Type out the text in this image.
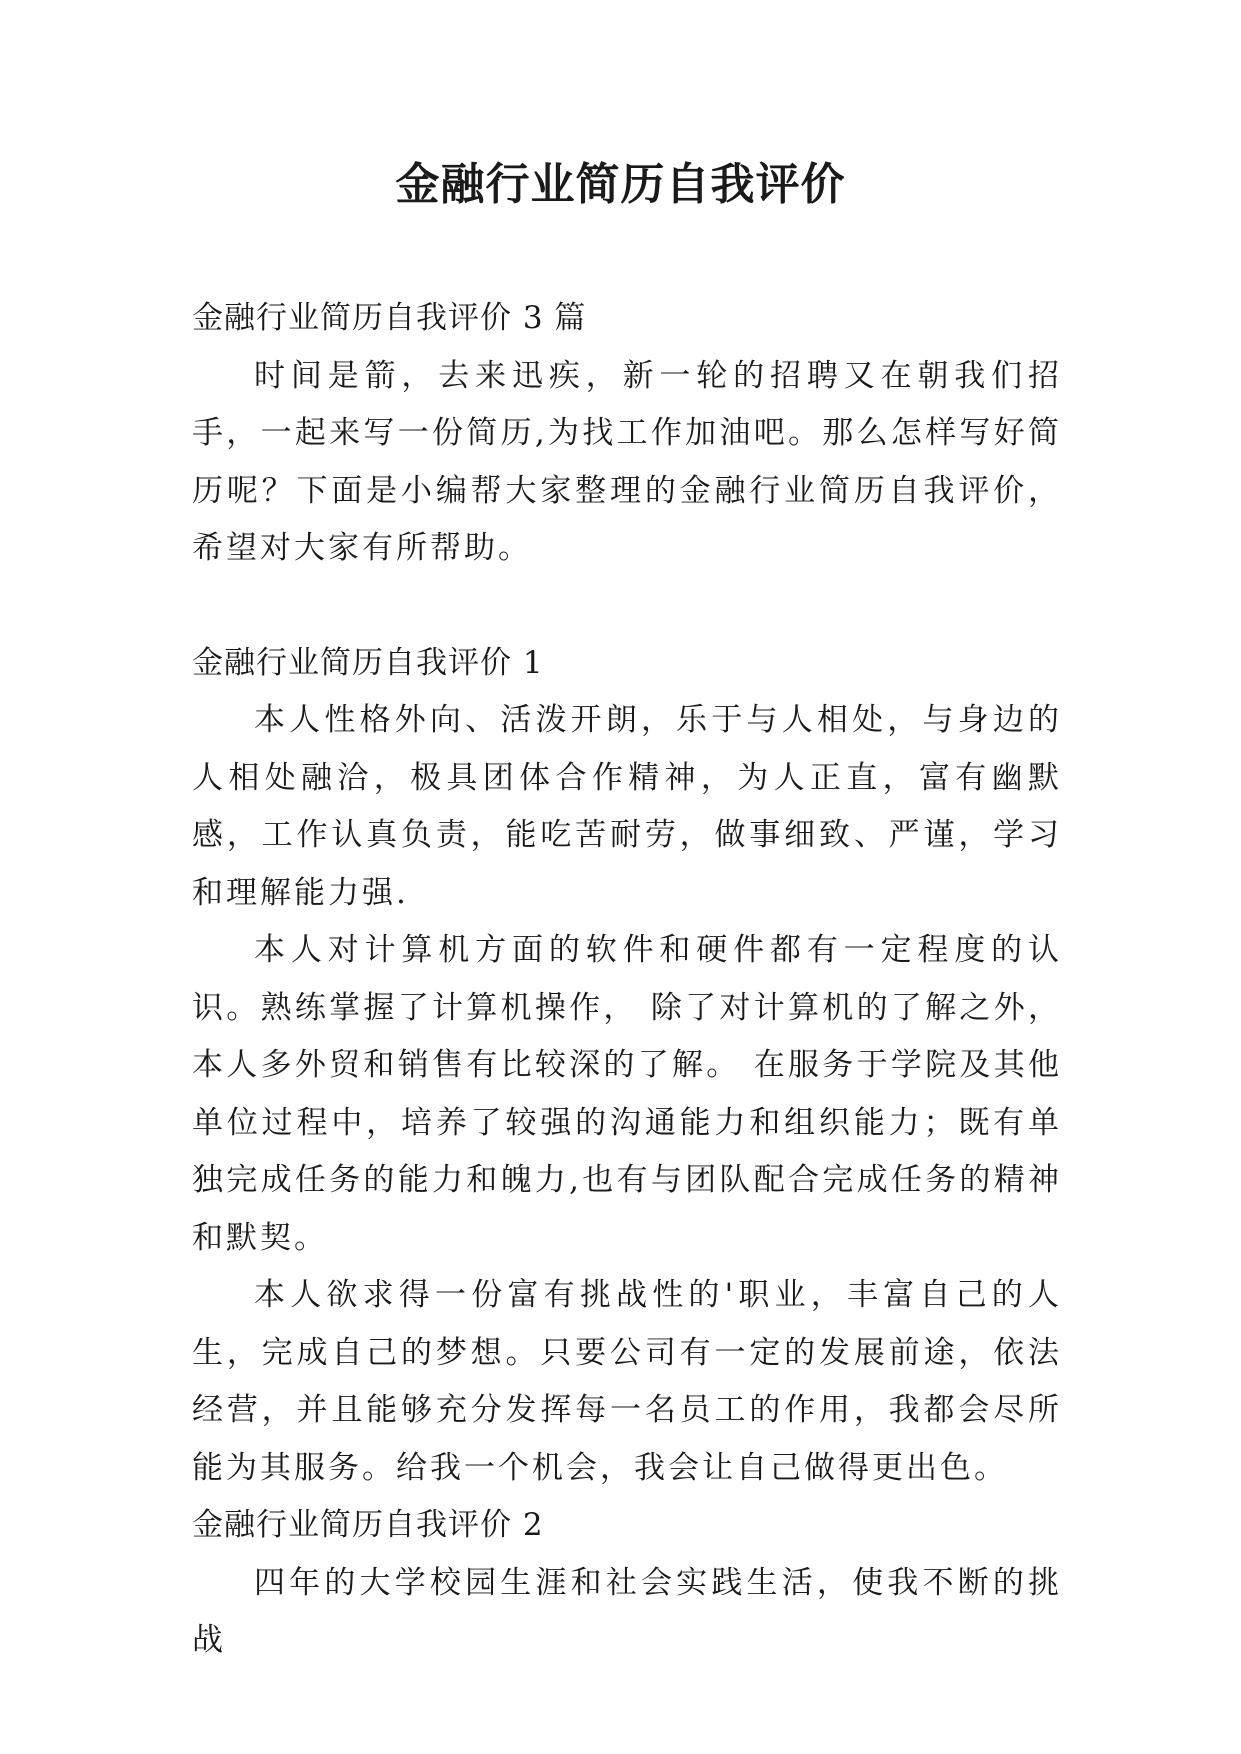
金融行业简历自我评价

金融行业简历自我评价 3 篇

时间是箭，去来迅疾，新一轮的招聘又在朝我们招手，一起来写一份简历,为找工作加油吧。那么怎样写好简历呢？下面是小编帮大家整理的金融行业简历自我评价，希望对大家有所帮助。

金融行业简历自我评价 1

本人性格外向、活泼开朗，乐于与人相处，与身边的人相处融洽，极具团体合作精神，为人正直，富有幽默感，工作认真负责，能吃苦耐劳，做事细致、严谨，学习和理解能力强.

本人对计算机方面的软件和硬件都有一定程度的认识。熟练掌握了计算机操作， 除了对计算机的了解之外，本人多外贸和销售有比较深的了解。 在服务于学院及其他单位过程中，培养了较强的沟通能力和组织能力；既有单独完成任务的能力和魄力,也有与团队配合完成任务的精神和默契。

本人欲求得一份富有挑战性的'职业，丰富自己的人生，完成自己的梦想。只要公司有一定的发展前途，依法经营，并且能够充分发挥每一名员工的作用，我都会尽所能为其服务。给我一个机会，我会让自己做得更出色。

金融行业简历自我评价 2

四年的大学校园生涯和社会实践生活，使我不断的挑战
